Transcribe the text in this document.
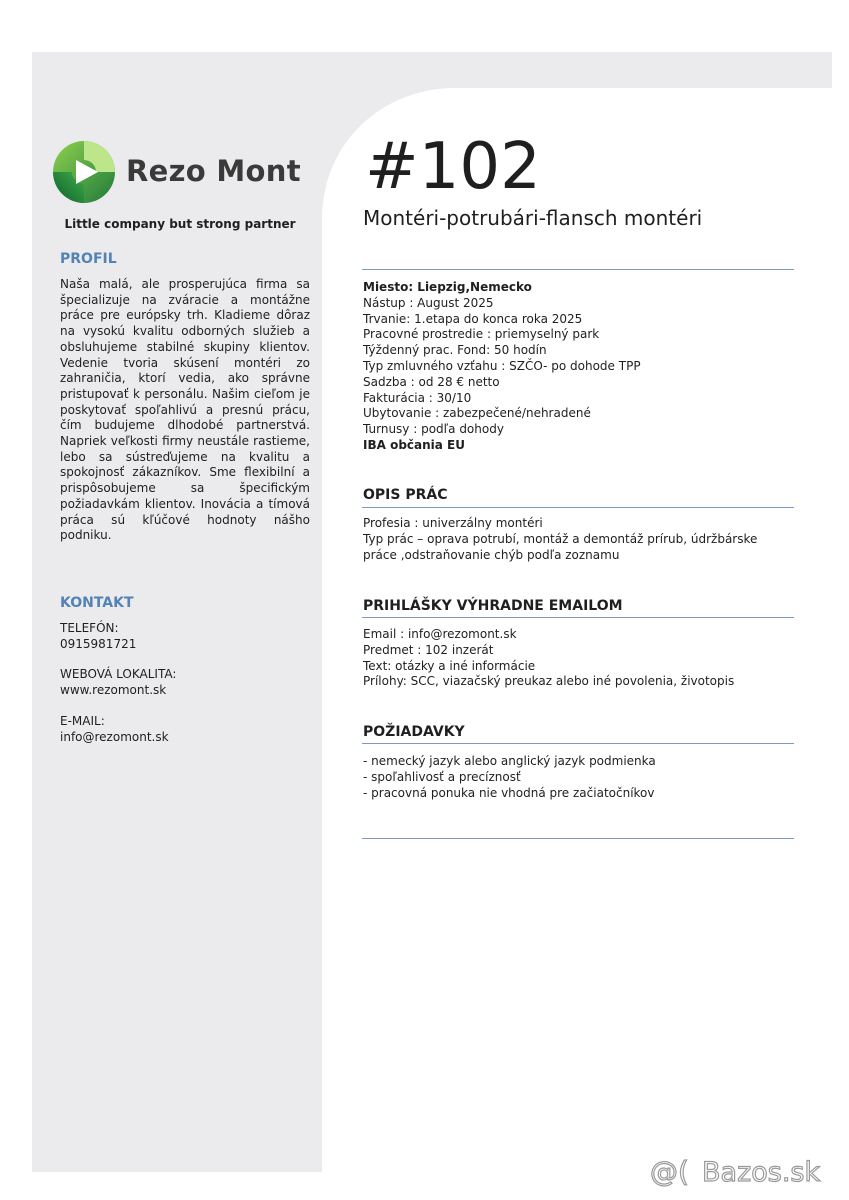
Rezo Mont
Little company but strong partner
PROFIL

Naša malá, ale prosperujúca firma sa špecializuje na zváracie a montážne práce pre európsky trh. Kladieme dôraz na vysokú kvalitu odborných služieb a obsluhujeme stabilné skupiny klientov. Vedenie tvoria skúsení montéri zo zahraničia, ktorí vedia, ako správne pristupovať k personálu. Našim cieľom je poskytovať spoľahlivú a presnú prácu, čím budujeme dlhodobé partnerstvá. Napriek veľkosti firmy neustále rastieme, lebo sa sústreďujeme na kvalitu a spokojnosť zákazníkov. Sme flexibilní a prispôsobujeme sa špecifickým požiadavkám klientov. Inovácia a tímová práca sú kľúčové hodnoty nášho podniku.

KONTAKT

TELEFÓN:

0915981721

WEBOVÁ LOKALITA:

www.rezomont.sk

E-MAIL:

info@rezomont.sk

#102
Montéri-potrubári-flansch montéri
Miesto: Liepzig,Nemecko
Nástup : August 2025
Trvanie: 1.etapa do konca roka 2025
Pracovné prostredie : priemyselný park
Týždenný prac. Fond: 50 hodín
Typ zmluvného vzťahu : SZČO- po dohode TPP
Sadzba : od 28 € netto
Fakturácia : 30/10
Ubytovanie : zabezpečené/nehradené
Turnusy : podľa dohody
IBA občania EU
OPIS PRÁC
Profesia : univerzálny montéri
Typ prác – oprava potrubí, montáž a demontáž prírub, údržbárske práce ,odstraňovanie chýb podľa zoznamu
PRIHLÁŠKY VÝHRADNE EMAILOM
Email : info@rezomont.sk
Predmet : 102 inzerát
Text: otázky a iné informácie
Prílohy: SCC, viazačský preukaz alebo iné povolenia, životopis
POŽIADAVKY
- nemecký jazyk alebo anglický jazyk podmienka
- spoľahlivosť a precíznosť
- pracovná ponuka nie vhodná pre začiatočníkov
@( Bazos.sk
